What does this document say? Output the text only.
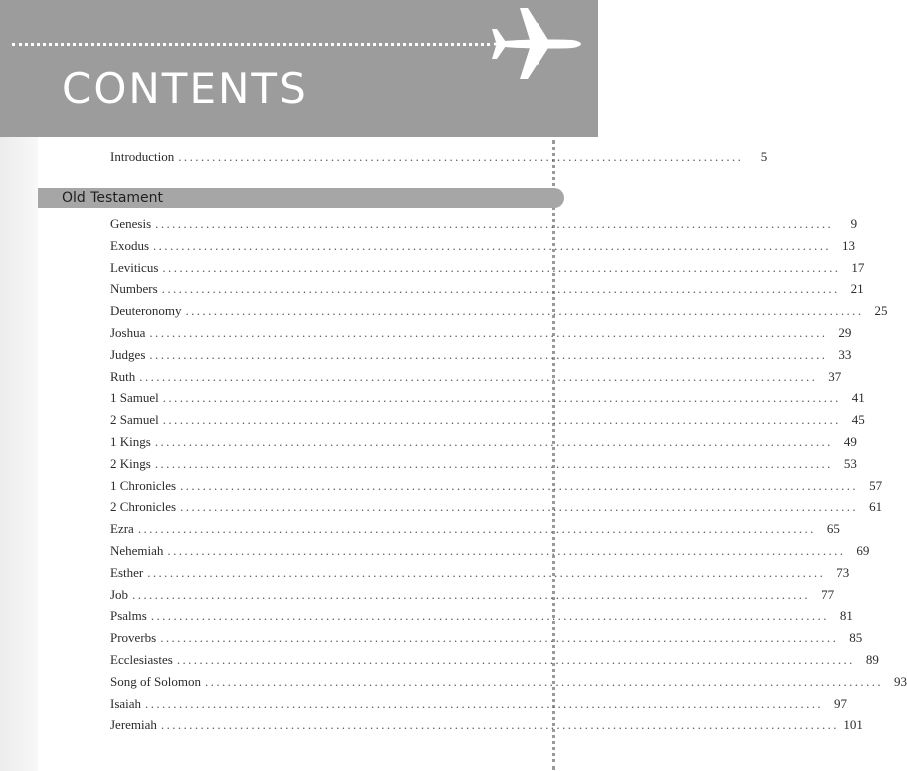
CONTENTS
Introduction ....................................................................................................	5
Old Testament
Genesis ........................................................................................................................	9
Exodus ........................................................................................................................ 13
Leviticus ........................................................................................................................ 17
Numbers ........................................................................................................................ 21
Deuteronomy ........................................................................................................................ 25
Joshua ........................................................................................................................ 29
Judges ........................................................................................................................ 33
Ruth ........................................................................................................................ 37
1 Samuel ........................................................................................................................ 41
2 Samuel ........................................................................................................................ 45
1 Kings ........................................................................................................................ 49
2 Kings ........................................................................................................................ 53
1 Chronicles ........................................................................................................................ 57
2 Chronicles ........................................................................................................................ 61
Ezra ........................................................................................................................ 65
Nehemiah ........................................................................................................................ 69
Esther ........................................................................................................................ 73
Job ........................................................................................................................ 77
Psalms ........................................................................................................................ 81
Proverbs ........................................................................................................................ 85
Ecclesiastes ........................................................................................................................ 89
Song of Solomon ........................................................................................................................ 93
Isaiah ........................................................................................................................ 97
Jeremiah ........................................................................................................................ 101
